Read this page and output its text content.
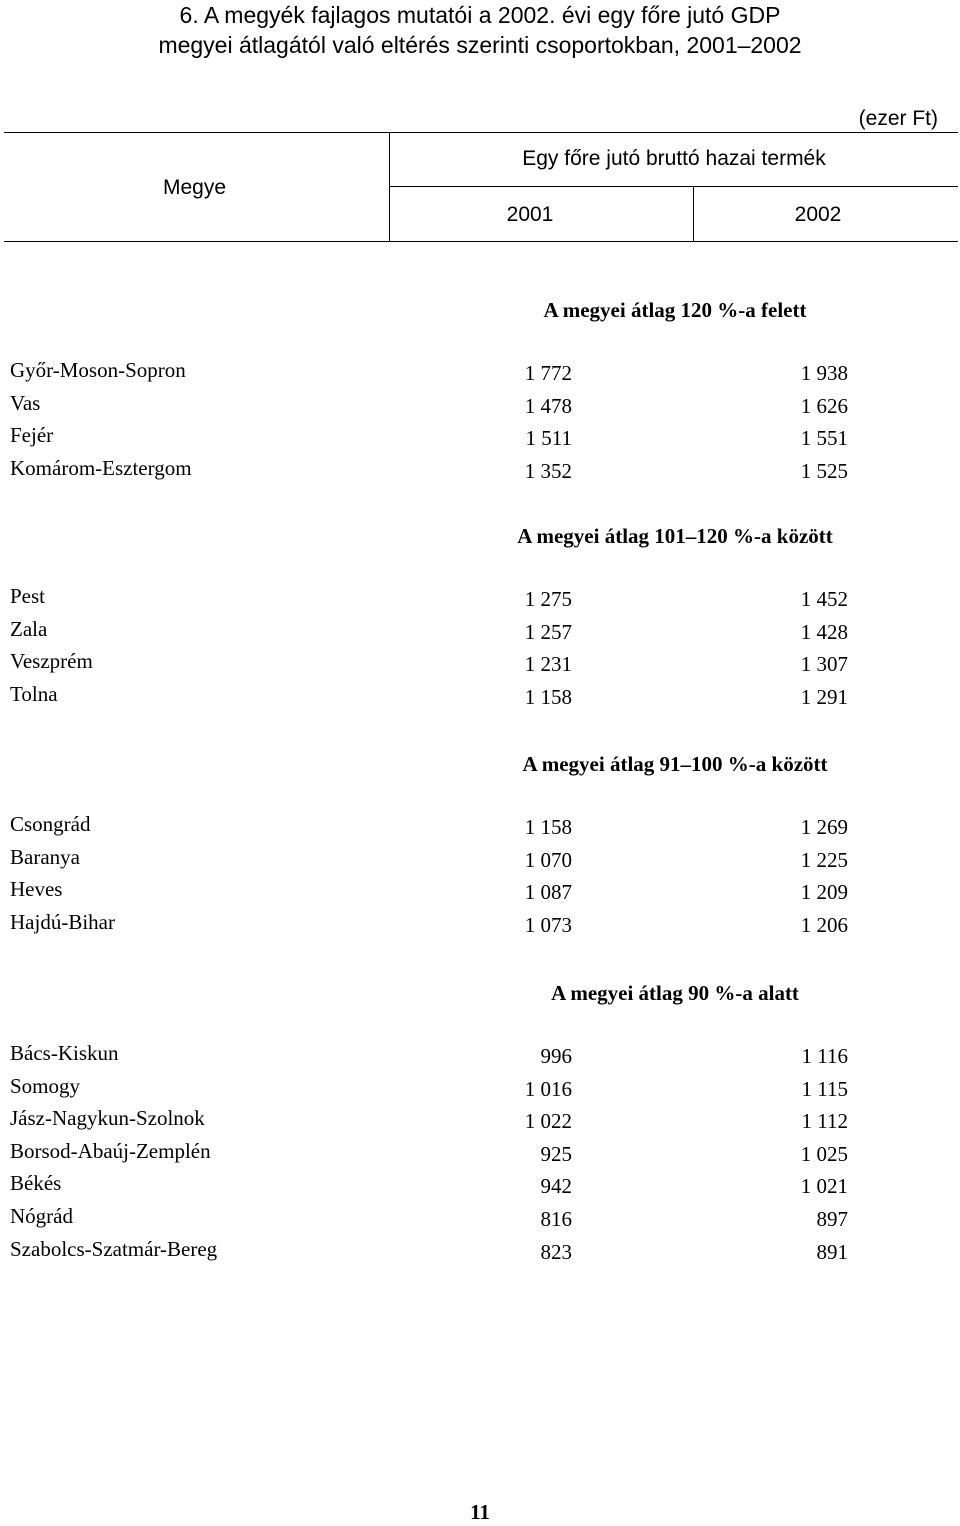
6. A megyék fajlagos mutatói a 2002. évi egy főre jutó GDP
megyei átlagától való eltérés szerinti csoportokban, 2001–2002
(ezer Ft)
Megye
Egy főre jutó bruttó hazai termék
2001	2002
A megyei átlag 120 %-a felett
Győr-Moson-Sopron	1 772	1 938
Vas	1 478	1 626
Fejér	1 511	1 551
Komárom-Esztergom	1 352	1 525
A megyei átlag 101–120 %-a között
Pest	1 275	1 452
Zala	1 257	1 428
Veszprém	1 231	1 307
Tolna	1 158	1 291
A megyei átlag 91–100 %-a között
Csongrád	1 158	1 269
Baranya	1 070	1 225
Heves	1 087	1 209
Hajdú-Bihar	1 073	1 206
A megyei átlag 90 %-a alatt
Bács-Kiskun	996	1 116
Somogy	1 016	1 115
Jász-Nagykun-Szolnok	1 022	1 112
Borsod-Abaúj-Zemplén	925	1 025
Békés	942	1 021
Nógrád	816	897
Szabolcs-Szatmár-Bereg	823	891
11
